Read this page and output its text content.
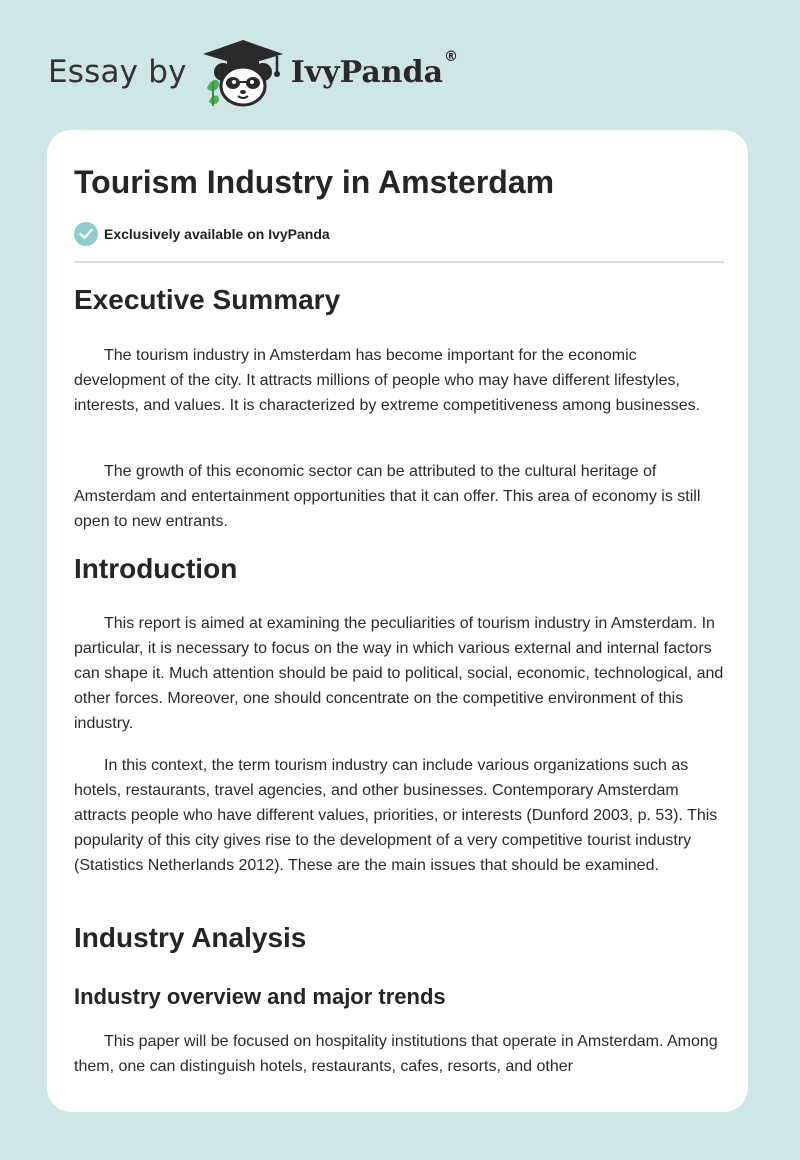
Essay by	IvyPanda®
Tourism Industry in Amsterdam
Exclusively available on IvyPanda
Executive Summary

The tourism industry in Amsterdam has become important for the economic development of the city. It attracts millions of people who may have different lifestyles, interests, and values. It is characterized by extreme competitiveness among businesses.

The growth of this economic sector can be attributed to the cultural heritage of Amsterdam and entertainment opportunities that it can offer. This area of economy is still open to new entrants.

Introduction

This report is aimed at examining the peculiarities of tourism industry in Amsterdam. In particular, it is necessary to focus on the way in which various external and internal factors can shape it. Much attention should be paid to political, social, economic, technological, and other forces. Moreover, one should concentrate on the competitive environment of this industry.

In this context, the term tourism industry can include various organizations such as hotels, restaurants, travel agencies, and other businesses. Contemporary Amsterdam attracts people who have different values, priorities, or interests (Dunford 2003, p. 53). This popularity of this city gives rise to the development of a very competitive tourist industry (Statistics Netherlands 2012). These are the main issues that should be examined.

Industry Analysis
Industry overview and major trends

This paper will be focused on hospitality institutions that operate in Amsterdam. Among them, one can distinguish hotels, restaurants, cafes, resorts, and other
